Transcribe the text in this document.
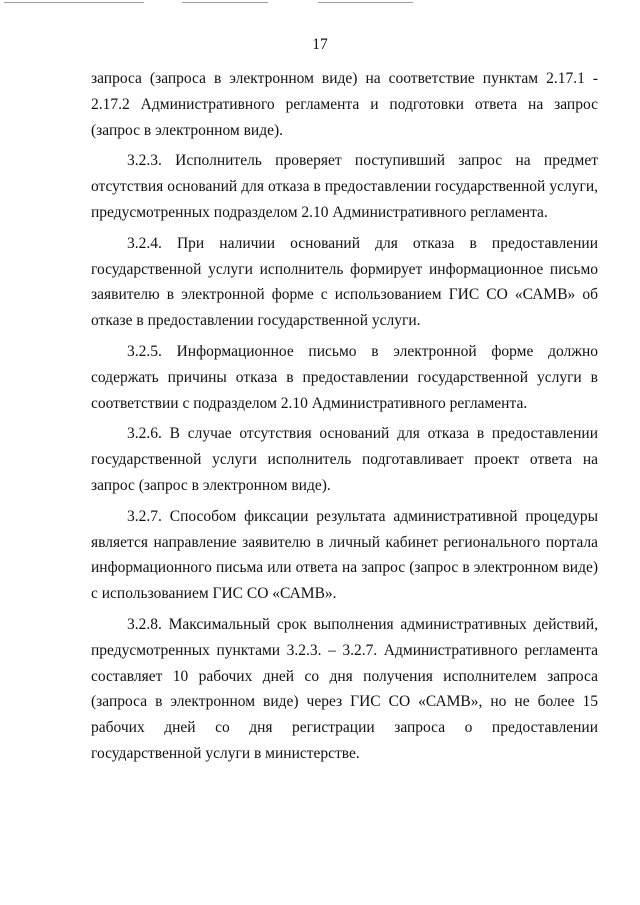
17

запроса (запроса в электронном виде) на соответствие пунктам 2.17.1 - 2.17.2 Административного регламента и подготовки ответа на запрос (запрос в электронном виде).

3.2.3. Исполнитель проверяет поступивший запрос на предмет отсутствия оснований для отказа в предоставлении государственной услуги, предусмотренных подразделом 2.10 Административного регламента.

3.2.4. При наличии оснований для отказа в предоставлении государственной услуги исполнитель формирует информационное письмо заявителю в электронной форме с использованием ГИС СО «САМВ» об отказе в предоставлении государственной услуги.

3.2.5. Информационное письмо в электронной форме должно содержать причины отказа в предоставлении государственной услуги в соответствии с подразделом 2.10 Административного регламента.

3.2.6. В случае отсутствия оснований для отказа в предоставлении государственной услуги исполнитель подготавливает проект ответа на запрос (запрос в электронном виде).

3.2.7. Способом фиксации результата административной процедуры является направление заявителю в личный кабинет регионального портала информационного письма или ответа на запрос (запрос в электронном виде) с использованием ГИС СО «САМВ».

3.2.8. Максимальный срок выполнения административных действий, предусмотренных пунктами 3.2.3. – 3.2.7. Административного регламента составляет 10 рабочих дней со дня получения исполнителем запроса (запроса в электронном виде) через ГИС СО «САМВ», но не более 15 рабочих дней со дня регистрации запроса о предоставлении государственной услуги в министерстве.
